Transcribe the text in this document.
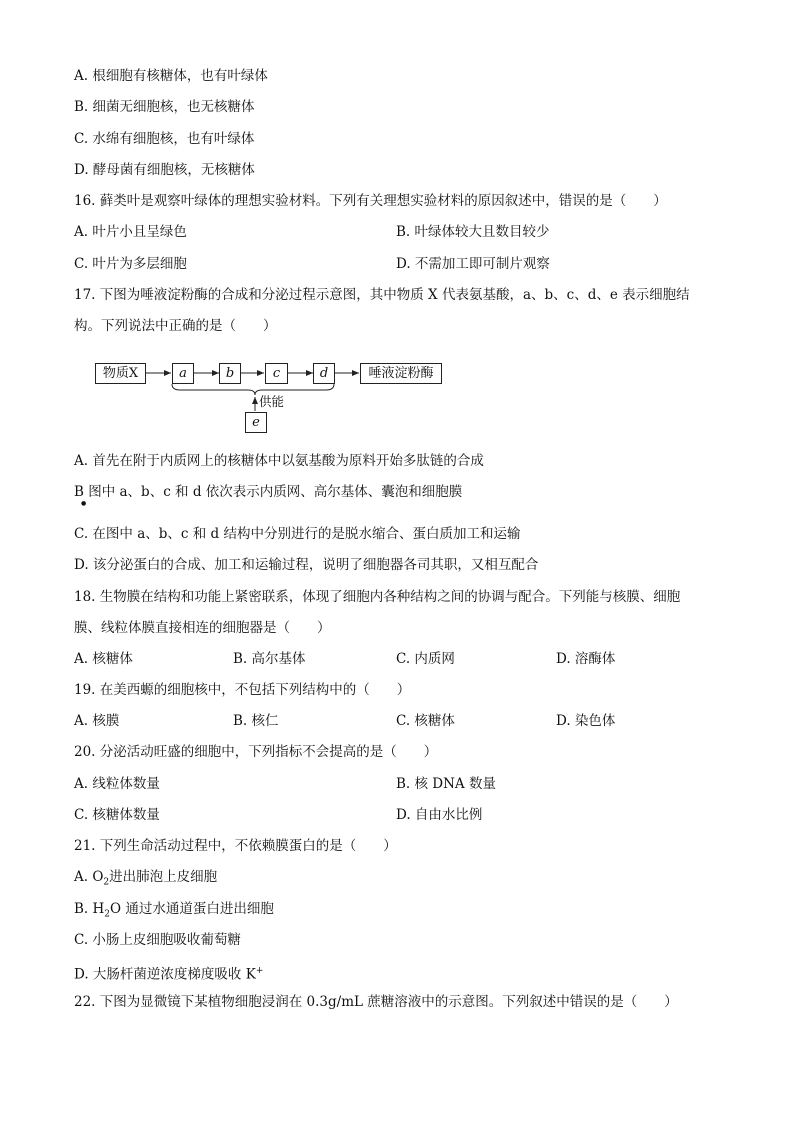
A. 根细胞有核糖体，也有叶绿体
B. 细菌无细胞核，也无核糖体
C. 水绵有细胞核，也有叶绿体
D. 酵母菌有细胞核，无核糖体
16. 藓类叶是观察叶绿体的理想实验材料。下列有关理想实验材料的原因叙述中，错误的是（　　）
A. 叶片小且呈绿色	B. 叶绿体较大且数目较少
C. 叶片为多层细胞	D. 不需加工即可制片观察
17. 下图为唾液淀粉酶的合成和分泌过程示意图，其中物质 X 代表氨基酸，a、b、c、d、e 表示细胞结
构。下列说法中正确的是（　　）
物质X	a	b	c	d	唾液淀粉酶
供能
e
A. 首先在附于内质网上的核糖体中以氨基酸为原料开始多肽链的合成
B 图中 a、b、c 和 d 依次表示内质网、高尔基体、囊泡和细胞膜
●
C. 在图中 a、b、c 和 d 结构中分别进行的是脱水缩合、蛋白质加工和运输
D. 该分泌蛋白的合成、加工和运输过程，说明了细胞器各司其职，又相互配合
18. 生物膜在结构和功能上紧密联系，体现了细胞内各种结构之间的协调与配合。下列能与核膜、细胞
膜、线粒体膜直接相连的细胞器是（　　）
A. 核糖体	B. 高尔基体	C. 内质网	D. 溶酶体
19. 在美西螈的细胞核中，不包括下列结构中的（　　）
A. 核膜	B. 核仁	C. 核糖体	D. 染色体
20. 分泌活动旺盛的细胞中，下列指标不会提高的是（　　）
A. 线粒体数量	B. 核 DNA 数量
C. 核糖体数量	D. 自由水比例
21. 下列生命活动过程中，不依赖膜蛋白的是（　　）
A. $O_2$进出肺泡上皮细胞
B. $H_2O$ 通过水通道蛋白进出细胞
C. 小肠上皮细胞吸收葡萄糖
D. 大肠杆菌逆浓度梯度吸收 K+
22. 下图为显微镜下某植物细胞浸润在 0.3g/mL 蔗糖溶液中的示意图。下列叙述中错误的是（　　）
